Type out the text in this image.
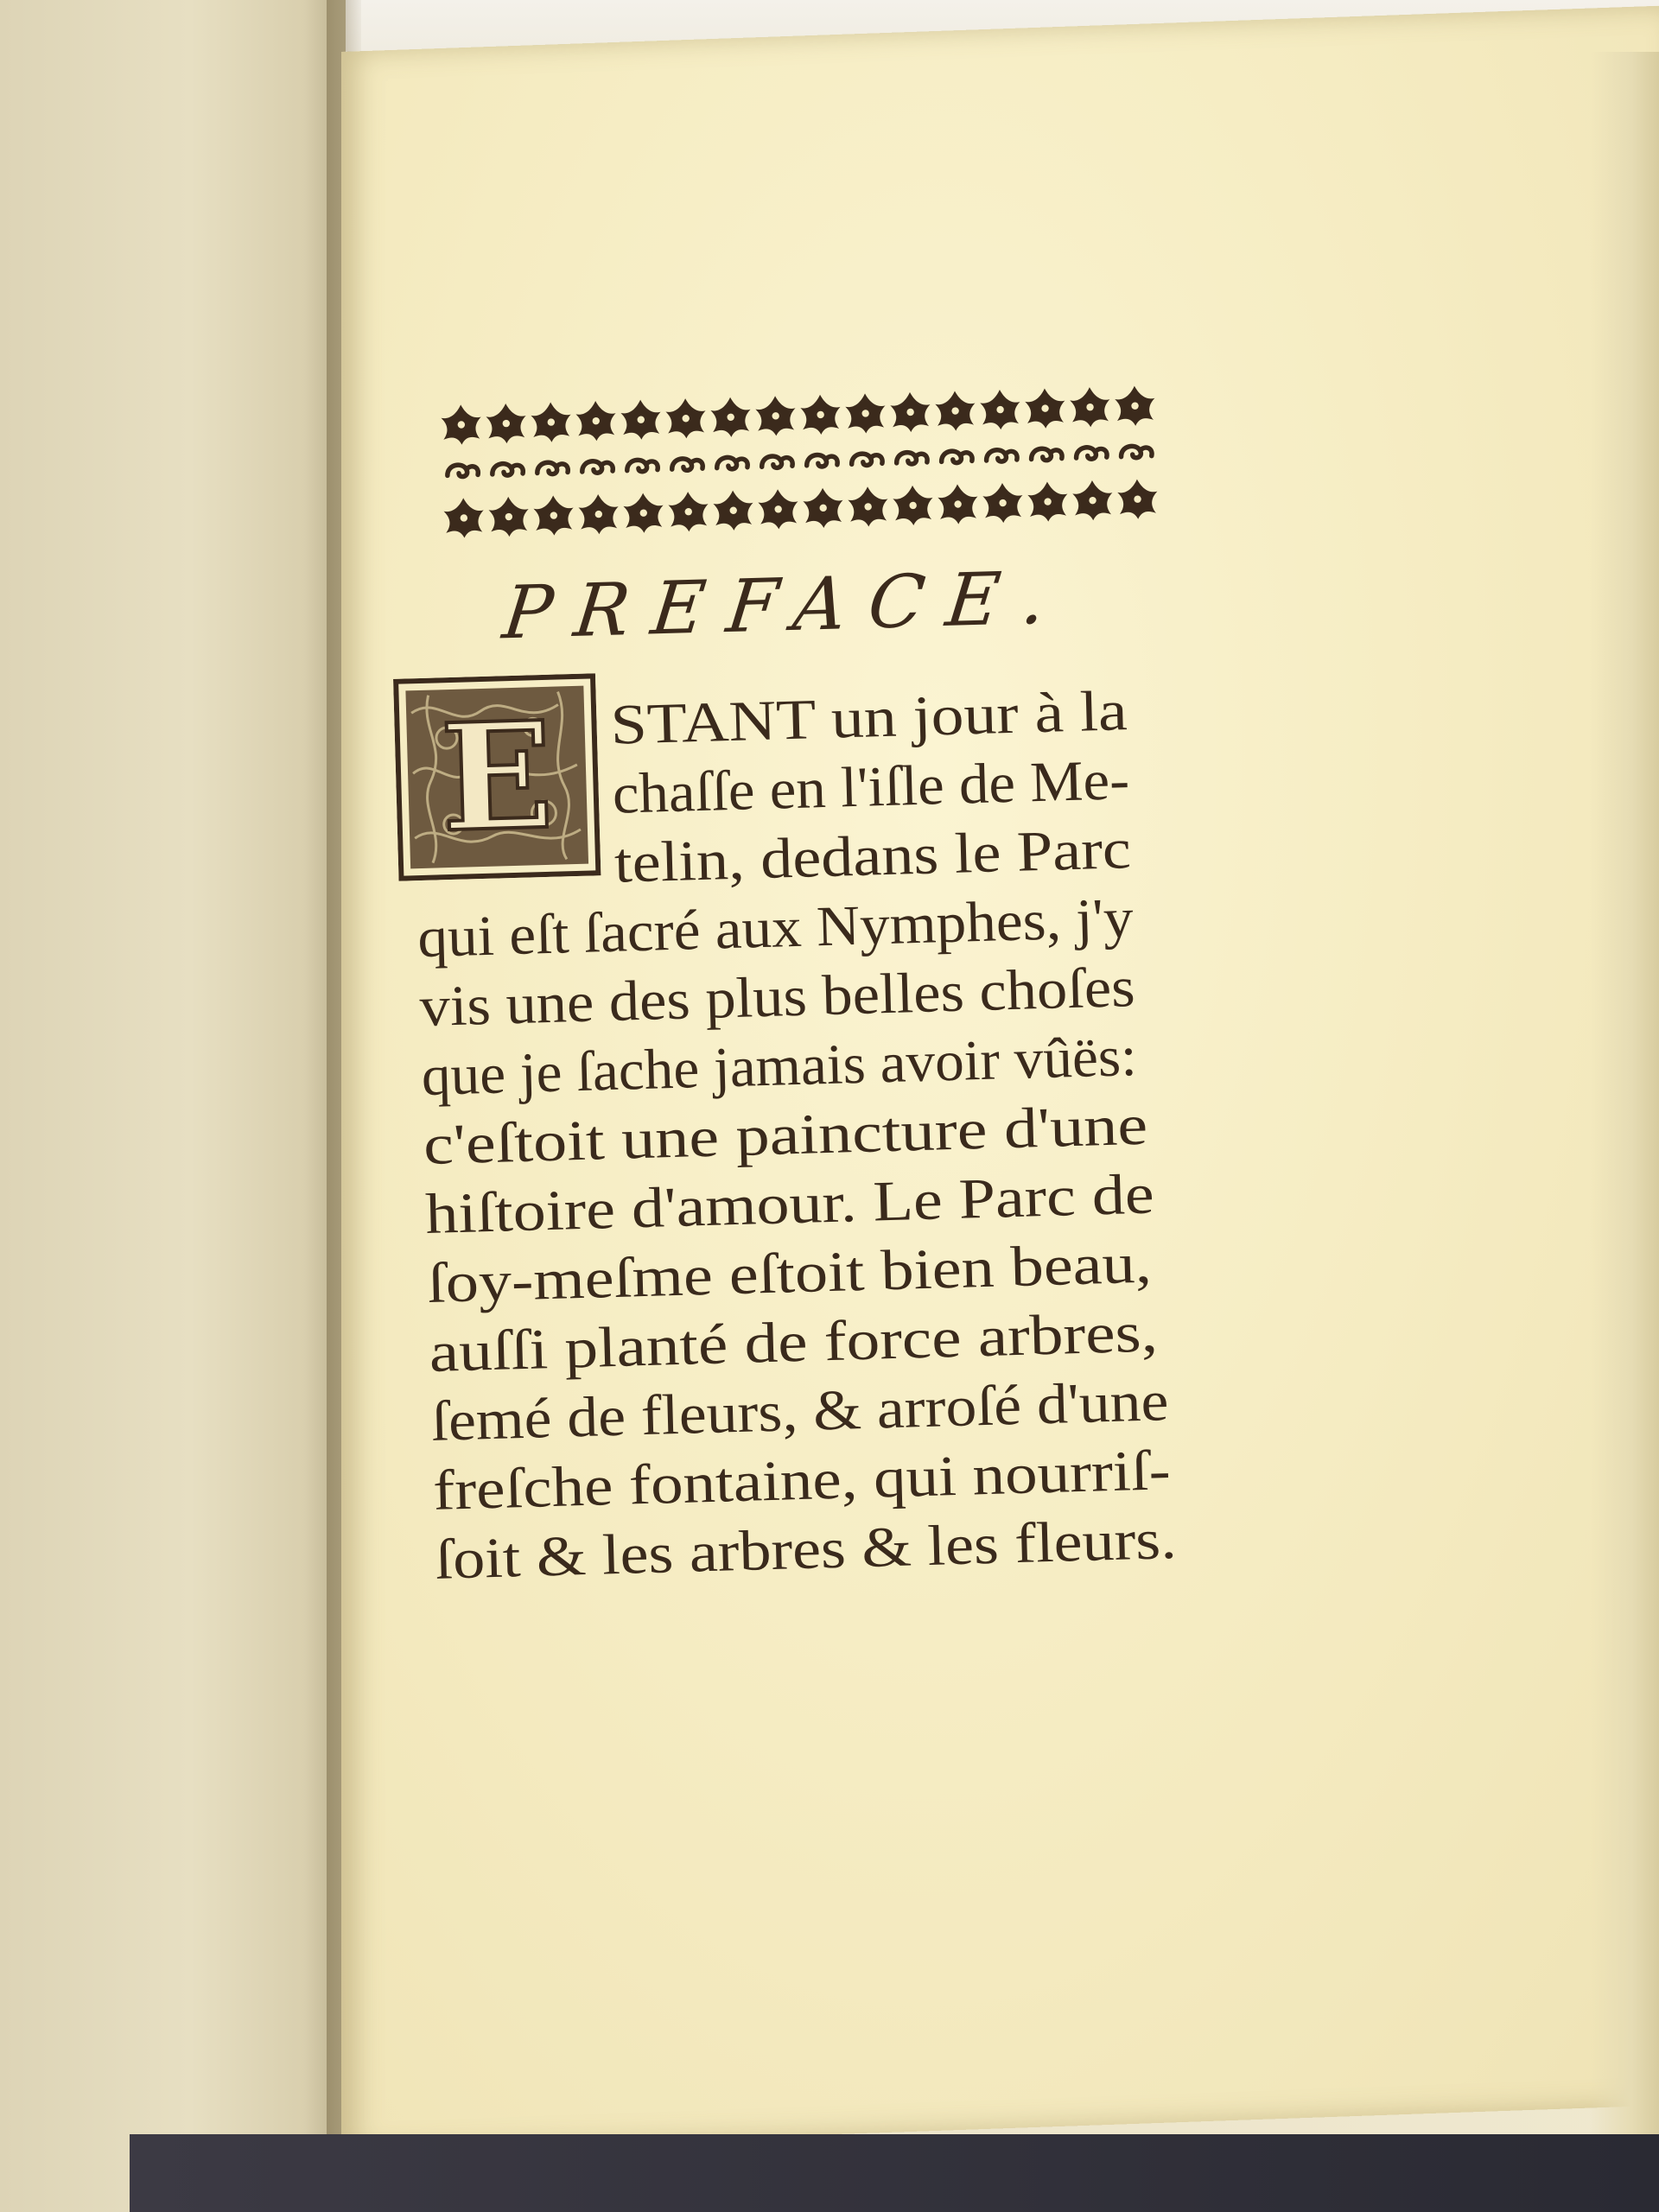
PREFACE.
E STANT un jour à la
chaſſe en l'iſle de Me-
telin, dedans le Parc
qui eſt ſacré aux Nymphes, j'y
vis une des plus belles choſes
que je ſache jamais avoir vûës:
c'eſtoit une paincture d'une
hiſtoire d'amour. Le Parc de
ſoy-meſme eſtoit bien beau,
auſſi planté de force arbres,
ſemé de fleurs, & arroſé d'une
freſche fontaine, qui nourriſ-
ſoit & les arbres & les fleurs.
